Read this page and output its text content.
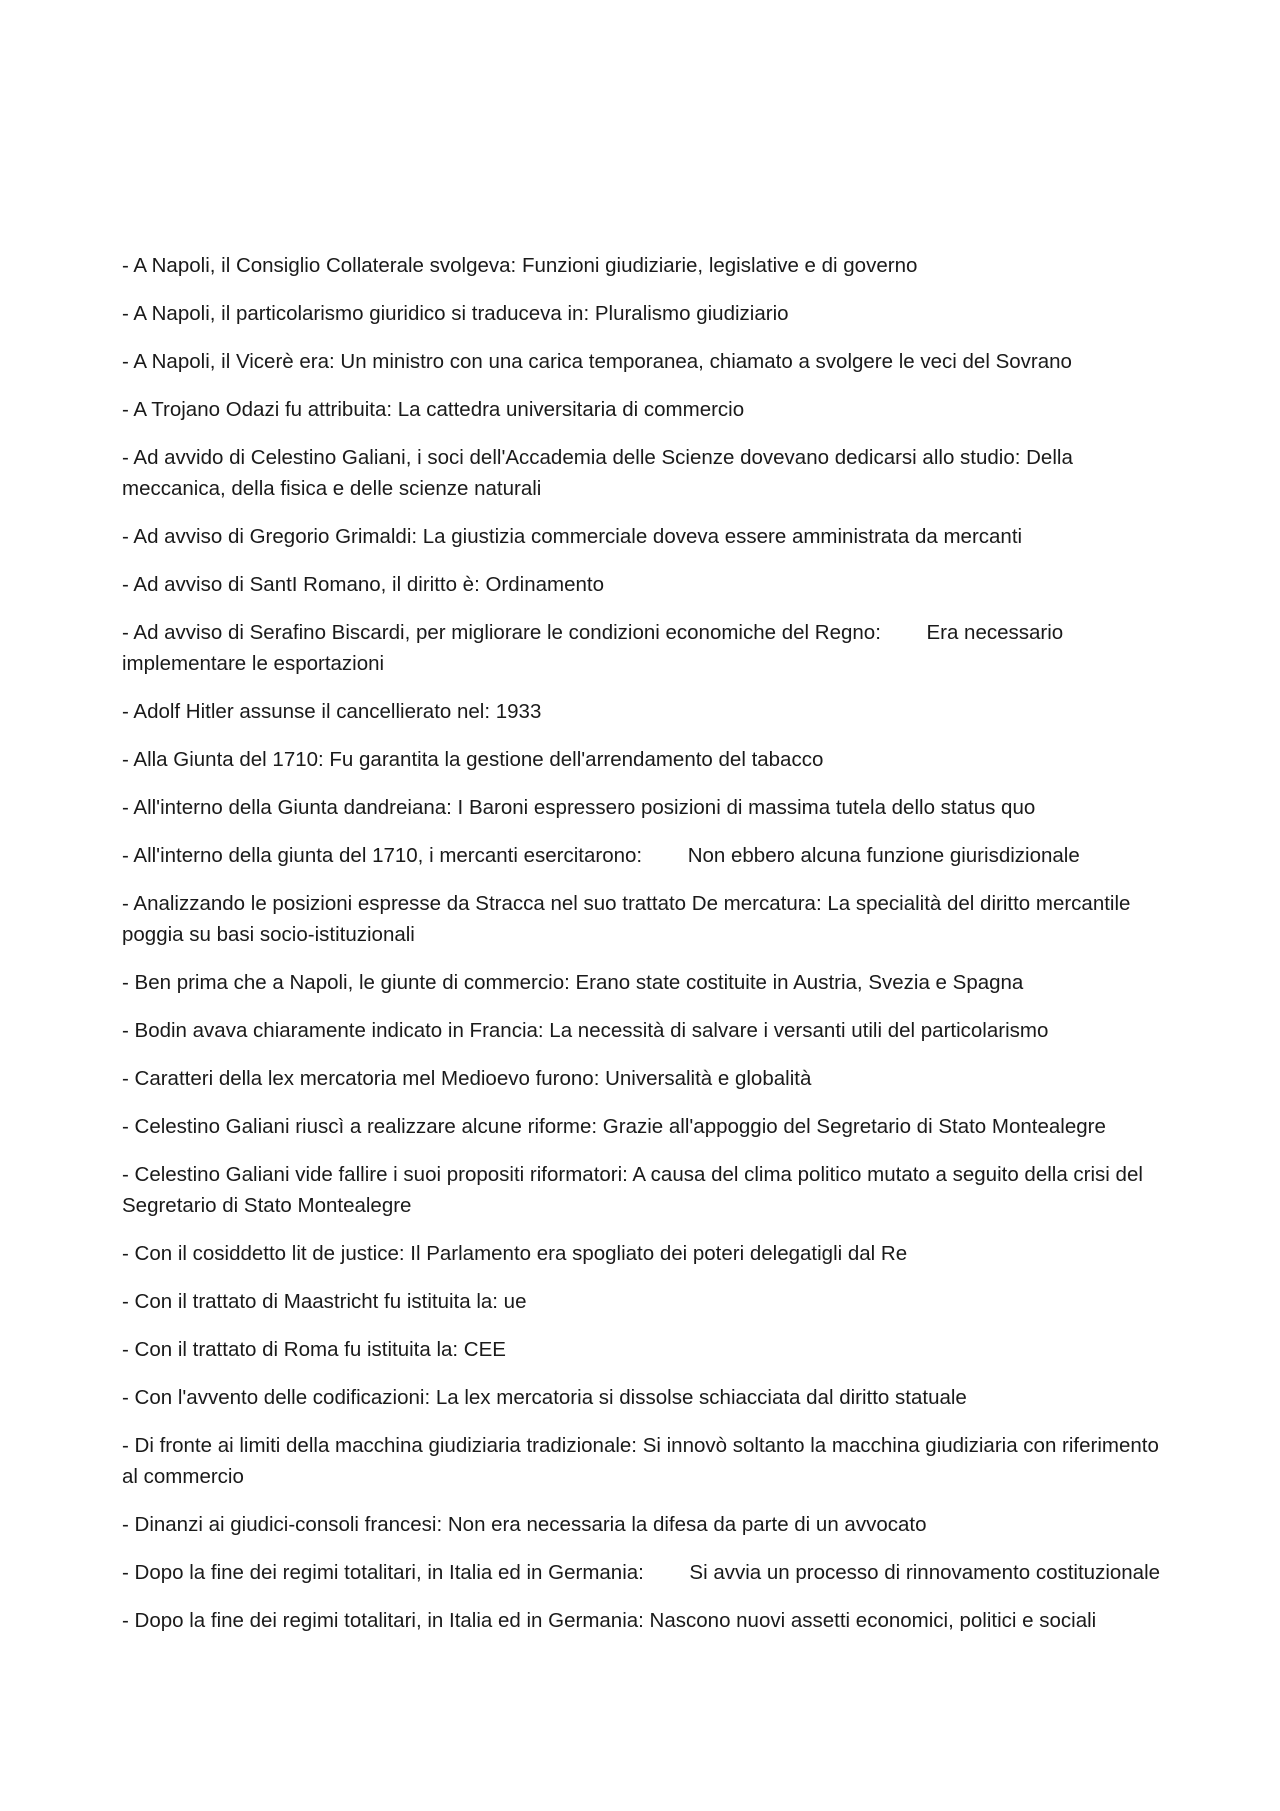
- A Napoli, il Consiglio Collaterale svolgeva: Funzioni giudiziarie, legislative e di governo

- A Napoli, il particolarismo giuridico si traduceva in: Pluralismo giudiziario

- A Napoli, il Vicerè era: Un ministro con una carica temporanea, chiamato a svolgere le veci del Sovrano

- A Trojano Odazi fu attribuita: La cattedra universitaria di commercio

- Ad avvido di Celestino Galiani, i soci dell'Accademia delle Scienze dovevano dedicarsi allo studio: Della meccanica, della fisica e delle scienze naturali

- Ad avviso di Gregorio Grimaldi: La giustizia commerciale doveva essere amministrata da mercanti

- Ad avviso di SantI Romano, il diritto è: Ordinamento

- Ad avviso di Serafino Biscardi, per migliorare le condizioni economiche del Regno:        Era necessario implementare le esportazioni

- Adolf Hitler assunse il cancellierato nel: 1933

- Alla Giunta del 1710: Fu garantita la gestione dell'arrendamento del tabacco

- All'interno della Giunta dandreiana: I Baroni espressero posizioni di massima tutela dello status quo

- All'interno della giunta del 1710, i mercanti esercitarono:        Non ebbero alcuna funzione giurisdizionale

- Analizzando le posizioni espresse da Stracca nel suo trattato De mercatura: La specialità del diritto mercantile poggia su basi socio-istituzionali

- Ben prima che a Napoli, le giunte di commercio: Erano state costituite in Austria, Svezia e Spagna

- Bodin avava chiaramente indicato in Francia: La necessità di salvare i versanti utili del particolarismo

- Caratteri della lex mercatoria mel Medioevo furono: Universalità e globalità

- Celestino Galiani riuscì a realizzare alcune riforme: Grazie all'appoggio del Segretario di Stato Montealegre

- Celestino Galiani vide fallire i suoi propositi riformatori: A causa del clima politico mutato a seguito della crisi del Segretario di Stato Montealegre

- Con il cosiddetto lit de justice: Il Parlamento era spogliato dei poteri delegatigli dal Re

- Con il trattato di Maastricht fu istituita la: ue

- Con il trattato di Roma fu istituita la: CEE

- Con l'avvento delle codificazioni: La lex mercatoria si dissolse schiacciata dal diritto statuale

- Di fronte ai limiti della macchina giudiziaria tradizionale: Si innovò soltanto la macchina giudiziaria con riferimento al commercio

- Dinanzi ai giudici-consoli francesi: Non era necessaria la difesa da parte di un avvocato

- Dopo la fine dei regimi totalitari, in Italia ed in Germania:        Si avvia un processo di rinnovamento costituzionale

- Dopo la fine dei regimi totalitari, in Italia ed in Germania: Nascono nuovi assetti economici, politici e sociali
